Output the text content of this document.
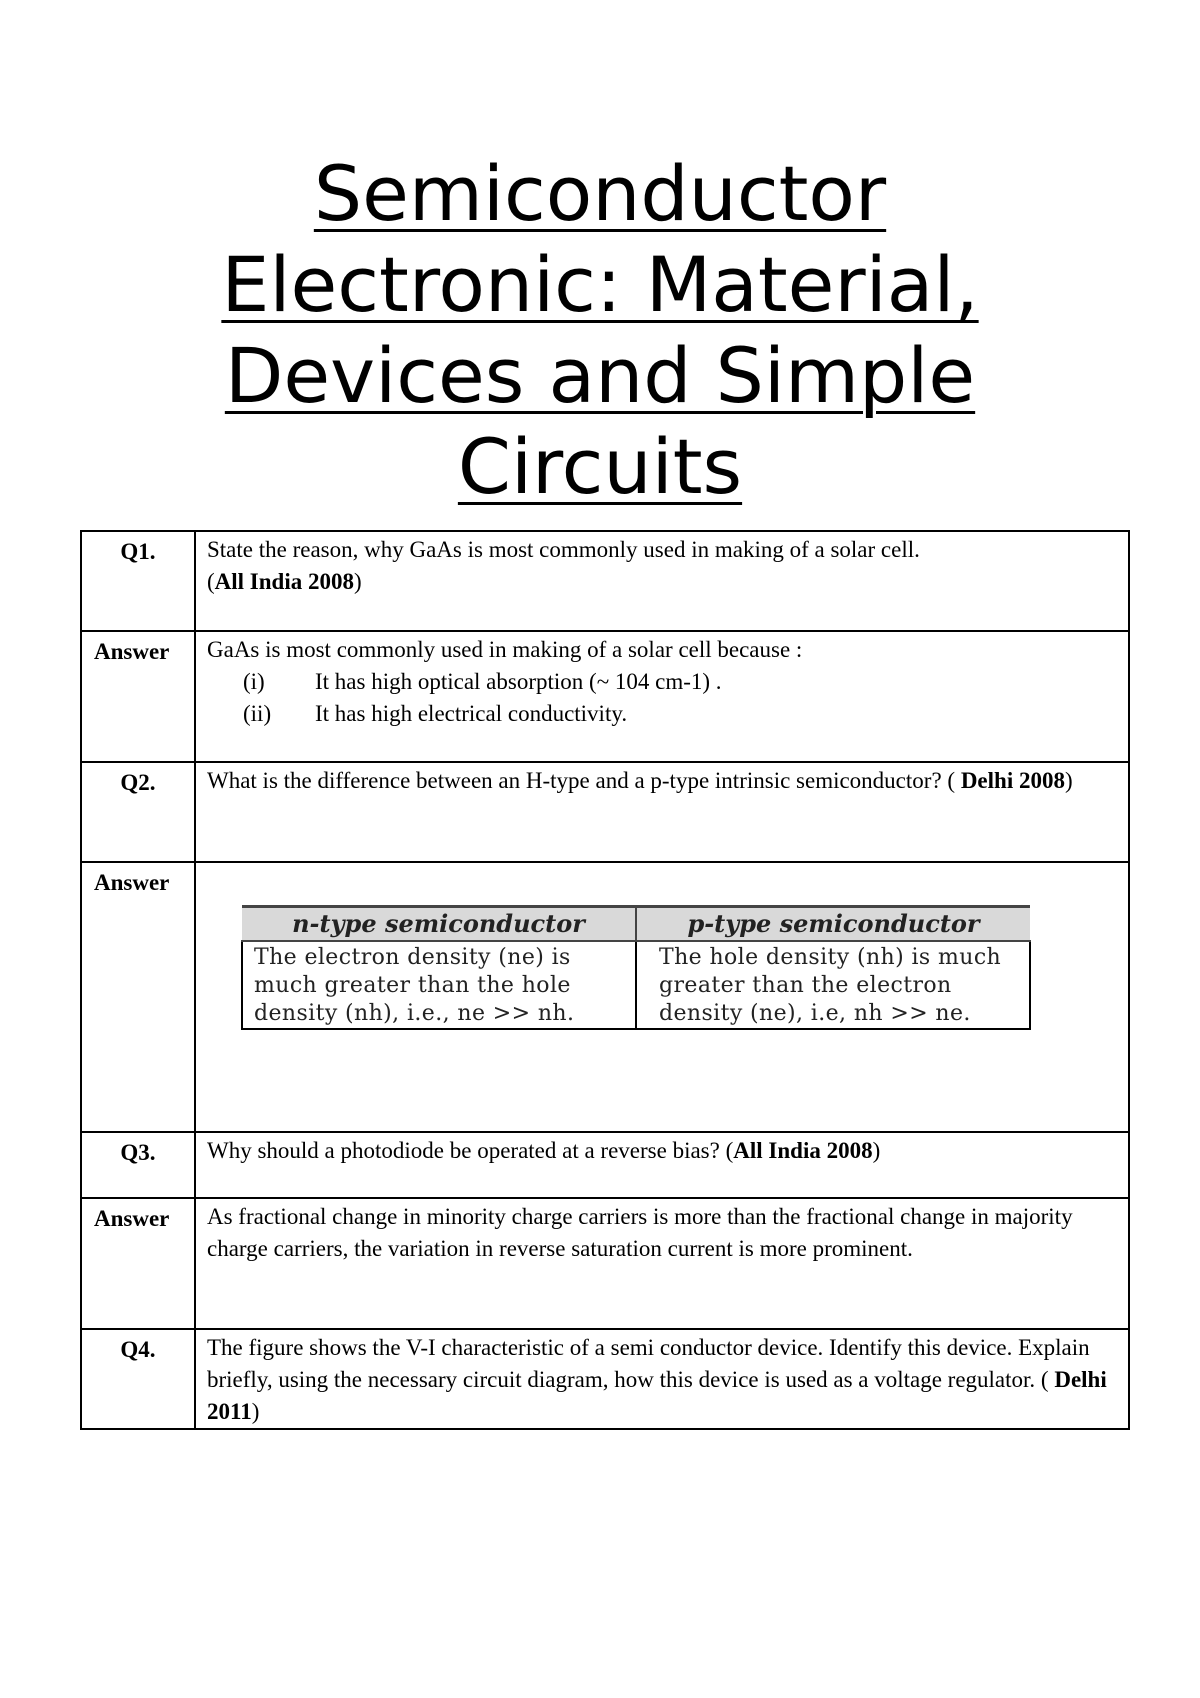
Semiconductor
Electronic: Material,
Devices and Simple
Circuits
Q1.	State the reason, why GaAs is most commonly used in making of a solar cell.
(All India 2008)
Answer	GaAs is most commonly used in making of a solar cell because :
(i)	It has high optical absorption (~ 104 cm-1) .
(ii)	It has high electrical conductivity.

Q2.	What is the difference between an H-type and a p-type intrinsic semiconductor? ( Delhi 2008)
Answer	
n-type semiconductor	p-type semiconductor
The electron density (ne) is much greater than the hole density (nh), i.e., ne >> nh.	The hole density (nh) is much greater than the electron density (ne), i.e, nh >> ne.

Q3.	Why should a photodiode be operated at a reverse bias? (All India 2008)
Answer	As fractional change in minority charge carriers is more than the fractional change in majority charge carriers, the variation in reverse saturation current is more prominent.
Q4.	The figure shows the V-I characteristic of a semi conductor device. Identify this device. Explain briefly, using the necessary circuit diagram, how this device is used as a voltage regulator. ( Delhi 2011)
